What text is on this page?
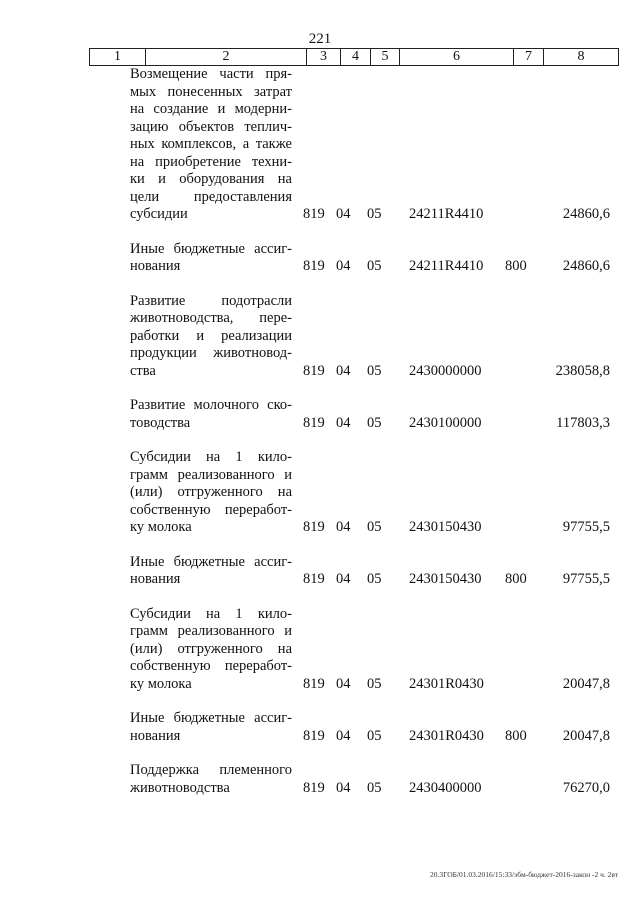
221
1	2	3	4	5	6	7	8
Возмещение части пря-
мых понесенных затрат
на создание и модерни-
зацию объектов теплич-
ных комплексов, а также
на приобретение техни-
ки и оборудования на
цели предоставления
субсидии	819 04 05 24211R4410	24860,6
Иные бюджетные ассиг-
нования	819 04 05 24211R4410 800 24860,6
Развитие подотрасли
животноводства, пере-
работки и реализации
продукции животновод-
ства	819 04 05 2430000000	238058,8
Развитие молочного ско-
товодства	819 04 05 2430100000	117803,3
Субсидии на 1 кило-
грамм реализованного и
(или) отгруженного на
собственную переработ-
ку молока	819 04 05 2430150430	97755,5
Иные бюджетные ассиг-
нования	819 04 05 2430150430 800 97755,5
Субсидии на 1 кило-
грамм реализованного и
(или) отгруженного на
собственную переработ-
ку молока	819 04 05 24301R0430	20047,8
Иные бюджетные ассиг-
нования	819 04 05 24301R0430 800 20047,8
Поддержка племенного
животноводства	819 04 05 2430400000	76270,0
20.3ГОБ/01.03.2016/15:33/эбм-бюджет-2016-закон -2 ч. 2вт
